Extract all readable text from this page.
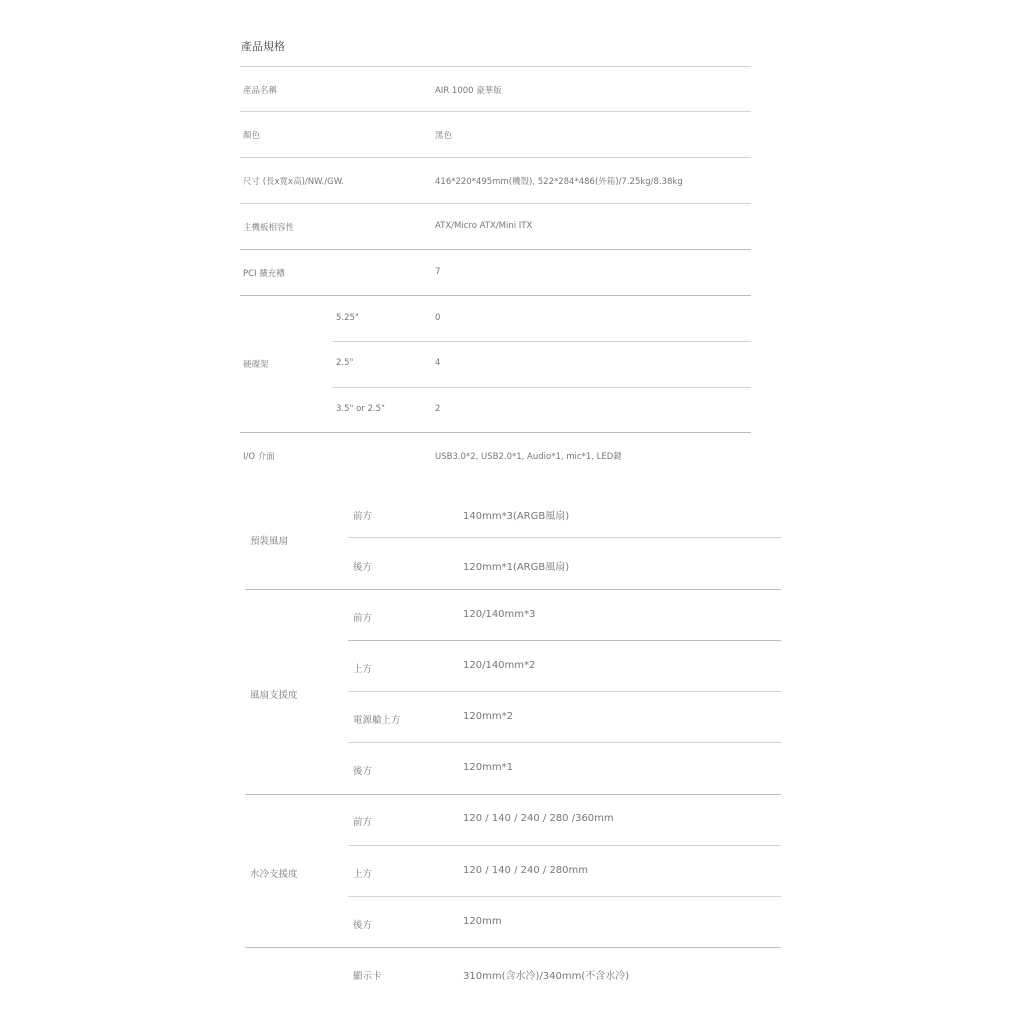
產品規格
產品名稱	AIR 1000 豪華版
顏色	黑色
尺寸 (長x寬x高)/NW./GW.	416*220*495mm(機殼), 522*284*486(外箱)/7.25kg/8.38kg
主機板相容性	ATX/Micro ATX/Mini ITX
PCI 擴充槽	7
硬碟架
5.25"	0
2.5"	4
3.5" or 2.5"	2
I/O 介面	USB3.0*2, USB2.0*1, Audio*1, mic*1, LED鍵
預裝風扇
前方	140mm*3(ARGB風扇)
後方	120mm*1(ARGB風扇)
風扇支援度
前方	120/140mm*3
上方	120/140mm*2
電源艙上方	120mm*2
後方	120mm*1
水冷支援度
前方	120 / 140 / 240 / 280 /360mm
上方	120 / 140 / 240 / 280mm
後方	120mm
顯示卡	310mm(含水冷)/340mm(不含水冷)
